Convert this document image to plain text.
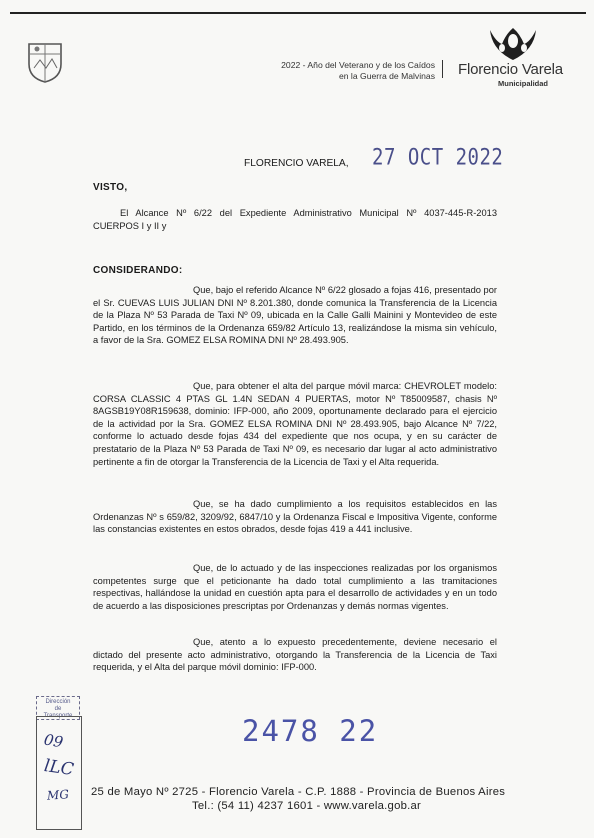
2022 - Año del Veterano y de los Caídos
en la Guerra de Malvinas Florencio Varela
Municipalidad
FLORENCIO VARELA, 27 OCT 2022
VISTO,

El Alcance Nº 6/22 del Expediente Administrativo Municipal Nº 4037-445-R-2013 CUERPOS I y II y

CONSIDERANDO:

Que, bajo el referido Alcance Nº 6/22 glosado a fojas 416, presentado por el Sr. CUEVAS LUIS JULIAN DNI Nº 8.201.380, donde comunica la Transferencia de la Licencia de la Plaza Nº 53 Parada de Taxi Nº 09, ubicada en la Calle Galli Mainini y Montevideo de este Partido, en los términos de la Ordenanza 659/82 Artículo 13, realizándose la misma sin vehículo, a favor de la Sra. GOMEZ ELSA ROMINA DNI Nº 28.493.905.

Que, para obtener el alta del parque móvil marca: CHEVROLET modelo: CORSA CLASSIC 4 PTAS GL 1.4N SEDAN 4 PUERTAS, motor Nº T85009587, chasis Nº 8AGSB19Y08R159638, dominio: IFP-000, año 2009, oportunamente declarado para el ejercicio de la actividad por la Sra. GOMEZ ELSA ROMINA DNI Nº 28.493.905, bajo Alcance Nº 7/22, conforme lo actuado desde fojas 434 del expediente que nos ocupa, y en su carácter de prestatario de la Plaza Nº 53 Parada de Taxi Nº 09, es necesario dar lugar al acto administrativo pertinente a fin de otorgar la Transferencia de la Licencia de Taxi y el Alta requerida.

Que, se ha dado cumplimiento a los requisitos establecidos en las Ordenanzas Nº s 659/82, 3209/92, 6847/10 y la Ordenanza Fiscal e Impositiva Vigente, conforme las constancias existentes en estos obrados, desde fojas 419 a 441 inclusive.

Que, de lo actuado y de las inspecciones realizadas por los organismos competentes surge que el peticionante ha dado total cumplimiento a las tramitaciones respectivas, hallándose la unidad en cuestión apta para el desarrollo de actividades y en un todo de acuerdo a las disposiciones prescriptas por Ordenanzas y demás normas vigentes.

Que, atento a lo expuesto precedentemente, deviene necesario el dictado del presente acto administrativo, otorgando la Transferencia de la Licencia de Taxi requerida, y el Alta del parque móvil dominio: IFP-000.

Dirección
de
Transporte
09
lLC
MG
2478 22
25 de Mayo Nº 2725 - Florencio Varela - C.P. 1888 - Provincia de Buenos Aires
Tel.: (54 11) 4237 1601 - www.varela.gob.ar
